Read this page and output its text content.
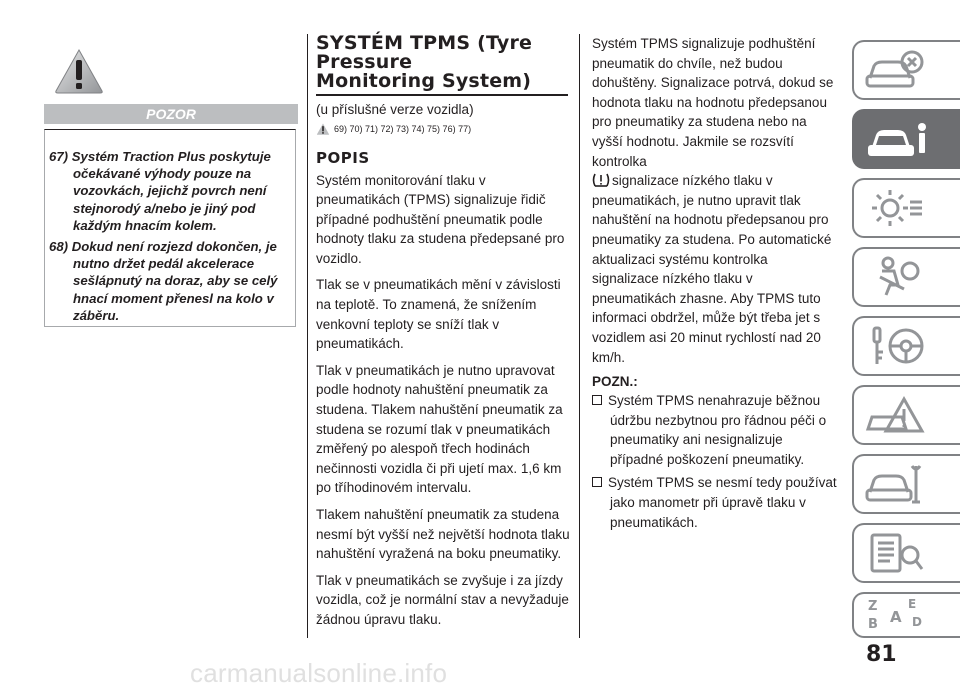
POZOR

67) Systém Traction Plus poskytuje očekávané výhody pouze na vozovkách, jejichž povrch není stejnorodý a/nebo je jiný pod každým hnacím kolem.

68) Dokud není rozjezd dokončen, je nutno držet pedál akcelerace sešlápnutý na doraz, aby se celý hnací moment přenesl na kolo v záběru.

SYSTÉM TPMS (Tyre
Pressure
Monitoring System)

(u příslušné verze vozidla)

69) 70) 71) 72) 73) 74) 75) 76) 77)
POPIS

Systém monitorování tlaku v pneumatikách (TPMS) signalizuje řidič případné podhuštění pneumatik podle hodnoty tlaku za studena předepsané pro vozidlo.

Tlak se v pneumatikách mění v závislosti na teplotě. To znamená, že snížením venkovní teploty se sníží tlak v pneumatikách.

Tlak v pneumatikách je nutno upravovat podle hodnoty nahuštění pneumatik za studena. Tlakem nahuštění pneumatik za studena se rozumí tlak v pneumatikách změřený po alespoň třech hodinách nečinnosti vozidla či při ujetí max. 1,6 km po tříhodinovém intervalu.

Tlakem nahuštění pneumatik za studena nesmí být vyšší než největší hodnota tlaku nahuštění vyražená na boku pneumatiky.

Tlak v pneumatikách se zvyšuje i za jízdy vozidla, což je normální stav a nevyžaduje žádnou úpravu tlaku.

Systém TPMS signalizuje podhuštění pneumatik do chvíle, než budou dohuštěny. Signalizace potrvá, dokud se hodnota tlaku na hodnotu předepsanou pro pneumatiky za studena nebo na vyšší hodnotu. Jakmile se rozsvítí kontrolka
signalizace nízkého tlaku v pneumatikách, je nutno upravit tlak nahuštění na hodnotu předepsanou pro pneumatiky za studena. Po automatické aktualizaci systému kontrolka signalizace nízkého tlaku v pneumatikách zhasne. Aby TPMS tuto informaci obdržel, může být třeba jet s vozidlem asi 20 minut rychlostí nad 20 km/h.

POZN.:

Systém TPMS nenahrazuje běžnou údržbu nezbytnou pro řádnou péči o pneumatiky ani nesignalizuje případné poškození pneumatiky.

Systém TPMS se nesmí tedy používat jako manometr při úpravě tlaku v pneumatikách.

Z	E
B A D
81
carmanualsonline.info
